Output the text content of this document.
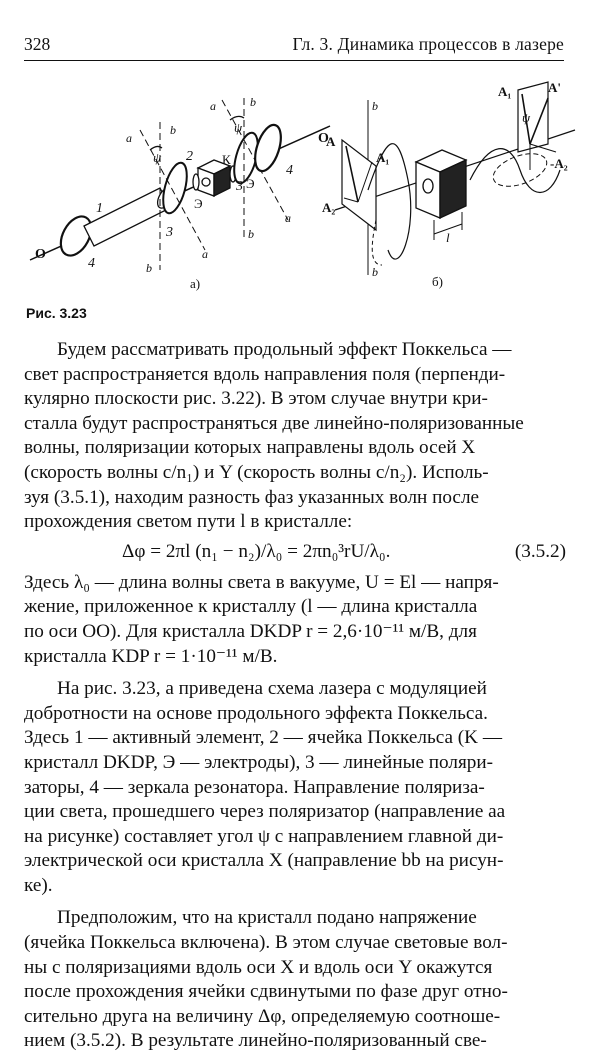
328	Гл. 3. Динамика процессов в лазере
О
О
1
2
3
3
4
4
К
Э
Э
a
a
a
a
b
b
b
b
ψ
ψ
а)
A
A₁
A₂
A₁	A'
-A₂
b
b
ψ
l
б)
Рис. 3.23

Будем рассматривать продольный эффект Поккельса —

свет распространяется вдоль направления поля (перпенди-

кулярно плоскости рис. 3.22). В этом случае внутри кри-

сталла будут распространяться две линейно-поляризованные

волны, поляризации которых направлены вдоль осей X

(скорость волны c/n₁) и Y (скорость волны c/n₂). Исполь-

зуя (3.5.1), находим разность фаз указанных волн после

прохождения светом пути l в кристалле:

Δφ = 2πl (n₁ − n₂)/λ₀ = 2πn₀³rU/λ₀.	(3.5.2)

Здесь λ₀ — длина волны света в вакууме, U = El — напря-

жение, приложенное к кристаллу (l — длина кристалла

по оси OO). Для кристалла DKDP r = 2,6·10⁻¹¹ м/В, для

кристалла KDP r = 1·10⁻¹¹ м/В.

На рис. 3.23, а приведена схема лазера с модуляцией

добротности на основе продольного эффекта Поккельса.

Здесь 1 — активный элемент, 2 — ячейка Поккельса (K —

кристалл DKDP, Э — электроды), 3 — линейные поляри-

заторы, 4 — зеркала резонатора. Направление поляриза-

ции света, прошедшего через поляризатор (направление aa

на рисунке) составляет угол ψ с направлением главной ди-

электрической оси кристалла X (направление bb на рисун-

ке).

Предположим, что на кристалл подано напряжение

(ячейка Поккельса включена). В этом случае световые вол-

ны с поляризациями вдоль оси X и вдоль оси Y окажутся

после прохождения ячейки сдвинутыми по фазе друг отно-

сительно друга на величину Δφ, определяемую соотноше-

нием (3.5.2). В результате линейно-поляризованный све-
